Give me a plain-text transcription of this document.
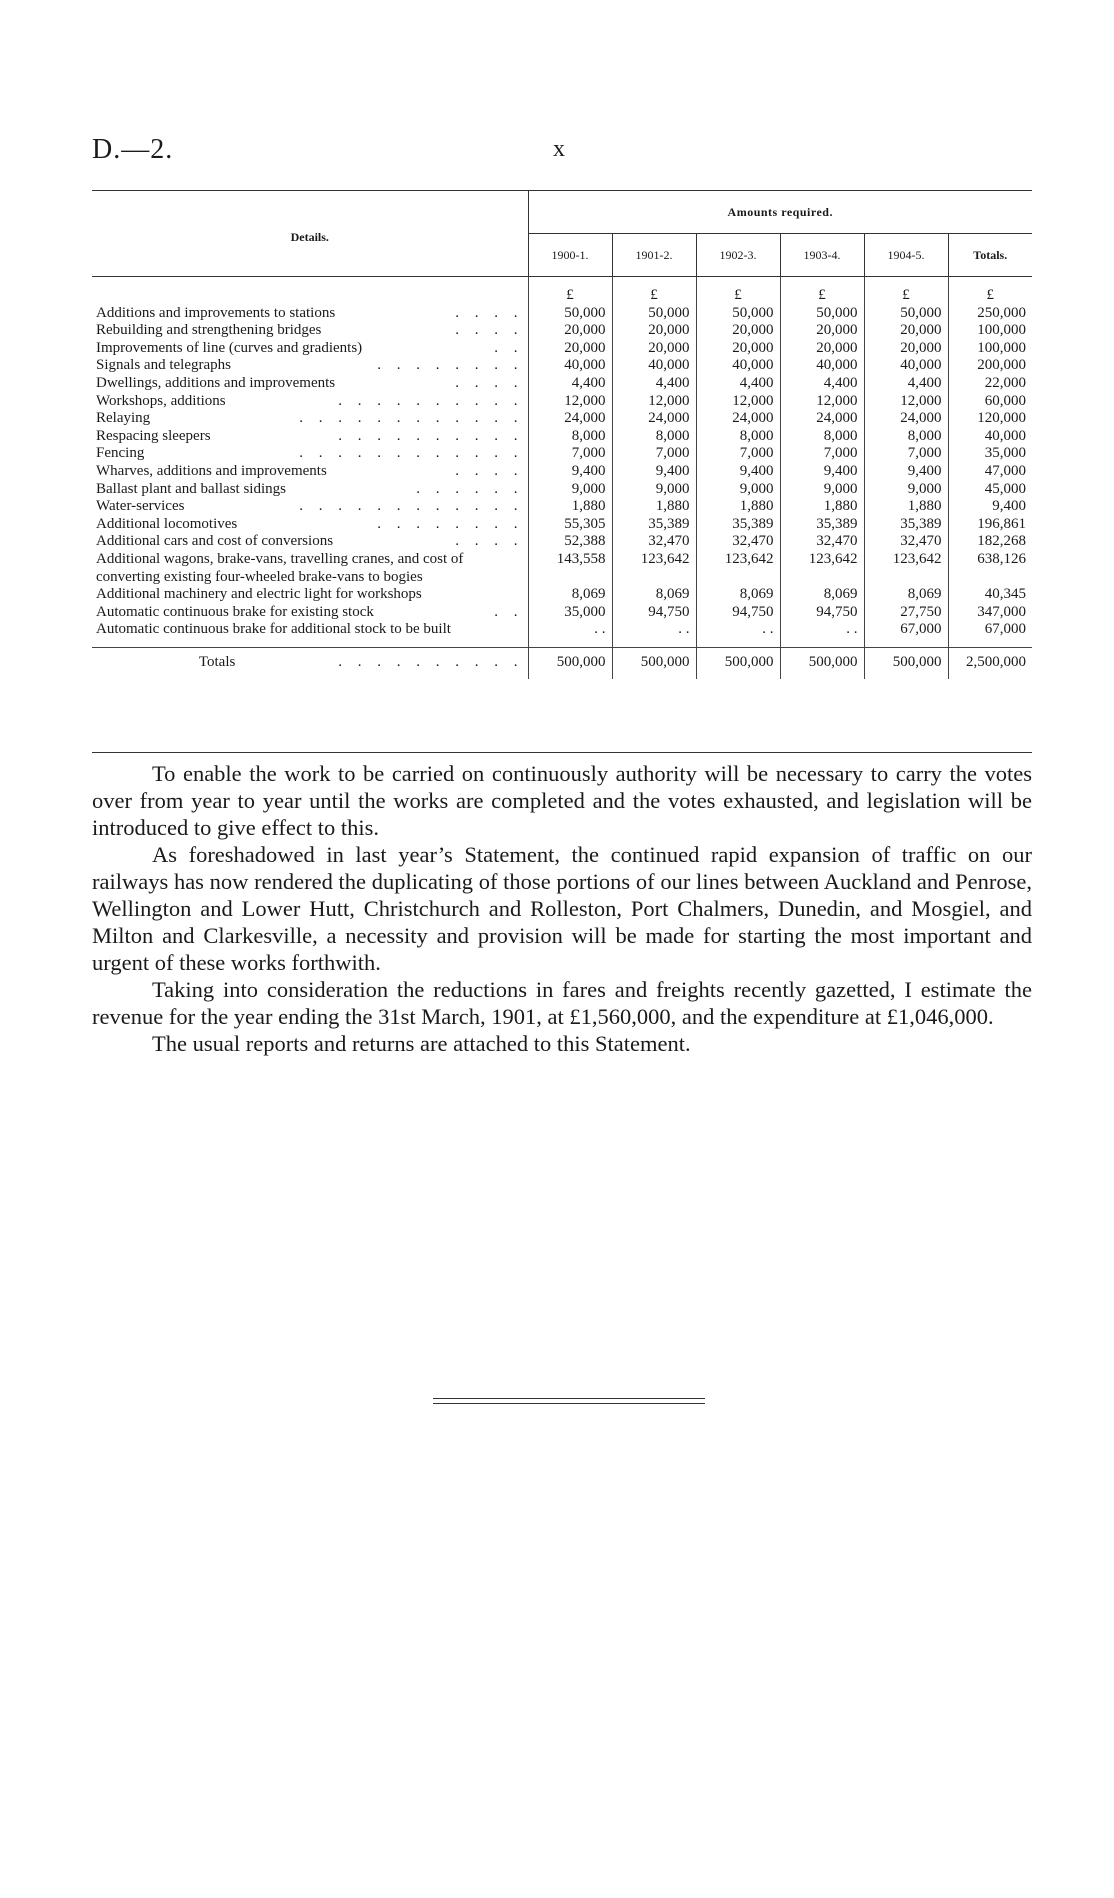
D.—2.	x
Details.	Amounts required.					
	1900-1.	1901-2.	1902-3.	1903-4.	1904-5.	Totals.
	£	£	£	£	£	£

. . . .
Additions and improvements to stations	50,000	50,000	50,000	50,000	50,000	250,000

. . . .
Rebuilding and strengthening bridges	20,000	20,000	20,000	20,000	20,000	100,000

. .
Improvements of line (curves and gradients)	20,000	20,000	20,000	20,000	20,000	100,000

. . . . . . . .
Signals and telegraphs	40,000	40,000	40,000	40,000	40,000	200,000

. . . .
Dwellings, additions and improvements	4,400	4,400	4,400	4,400	4,400	22,000

. . . . . . . . . .
Workshops, additions	12,000	12,000	12,000	12,000	12,000	60,000

. . . . . . . . . . . .
Relaying	24,000	24,000	24,000	24,000	24,000	120,000

. . . . . . . . . .
Respacing sleepers	8,000	8,000	8,000	8,000	8,000	40,000

. . . . . . . . . . . .
Fencing	7,000	7,000	7,000	7,000	7,000	35,000

. . . .
Wharves, additions and improvements	9,400	9,400	9,400	9,400	9,400	47,000

. . . . . .
Ballast plant and ballast sidings	9,000	9,000	9,000	9,000	9,000	45,000

. . . . . . . . . . . .
Water-services	1,880	1,880	1,880	1,880	1,880	9,400

. . . . . . . .
Additional locomotives	55,305	35,389	35,389	35,389	35,389	196,861

. . . .
Additional cars and cost of conversions	52,388	32,470	32,470	32,470	32,470	182,268
Additional wagons, brake-vans, travelling cranes, and cost of converting existing four-wheeled brake-vans to bogies	143,558	123,642	123,642	123,642	123,642	638,126
Additional machinery and electric light for workshops	8,069	8,069	8,069	8,069	8,069	40,345

. .
Automatic continuous brake for existing stock	35,000	94,750	94,750	94,750	27,750	347,000
Automatic continuous brake for additional stock to be built	. .	. .	. .	. .	67,000	67,000

. . . . . . . . . .
Totals	500,000	500,000	500,000	500,000	500,000	2,500,000

To enable the work to be carried on continuously authority will be necessary to carry the votes over from year to year until the works are completed and the votes exhausted, and legislation will be introduced to give effect to this.

As foreshadowed in last year’s Statement, the continued rapid expansion of traffic on our railways has now rendered the duplicating of those portions of our lines between Auckland and Penrose, Wellington and Lower Hutt, Christchurch and Rolleston, Port Chalmers, Dunedin, and Mosgiel, and Milton and Clarkesville, a necessity and provision will be made for starting the most important and urgent of these works forthwith.

Taking into consideration the reductions in fares and freights recently gazetted, I estimate the revenue for the year ending the 31st March, 1901, at £1,560,000, and the expenditure at £1,046,000.

The usual reports and returns are attached to this Statement.
